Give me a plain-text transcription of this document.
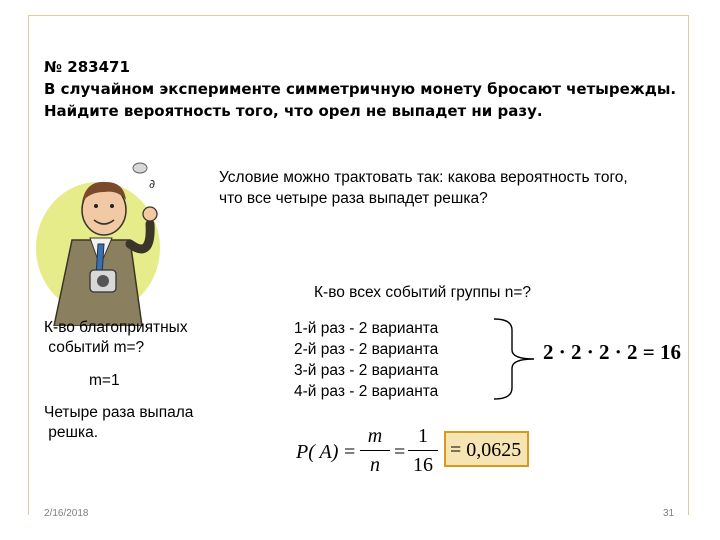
№ 283471
В случайном эксперименте симметричную монету бросают четырежды.
Найдите вероятность того, что орел не выпадет ни разу.
∂	Условие можно трактовать так: какова вероятность того,
что все четыре раза выпадет решка?
К-во всех событий группы n=?
К-во благоприятных
событий m=?
m=1
Четыре раза выпала
решка.
1-й раз - 2 варианта
2-й раз - 2 варианта
3-й раз - 2 варианта
4-й раз - 2 варианта
2 · 2 · 2 · 2 = 16
P( A) =
m
n
=
1
16
= 0,0625
2/16/2018	31
